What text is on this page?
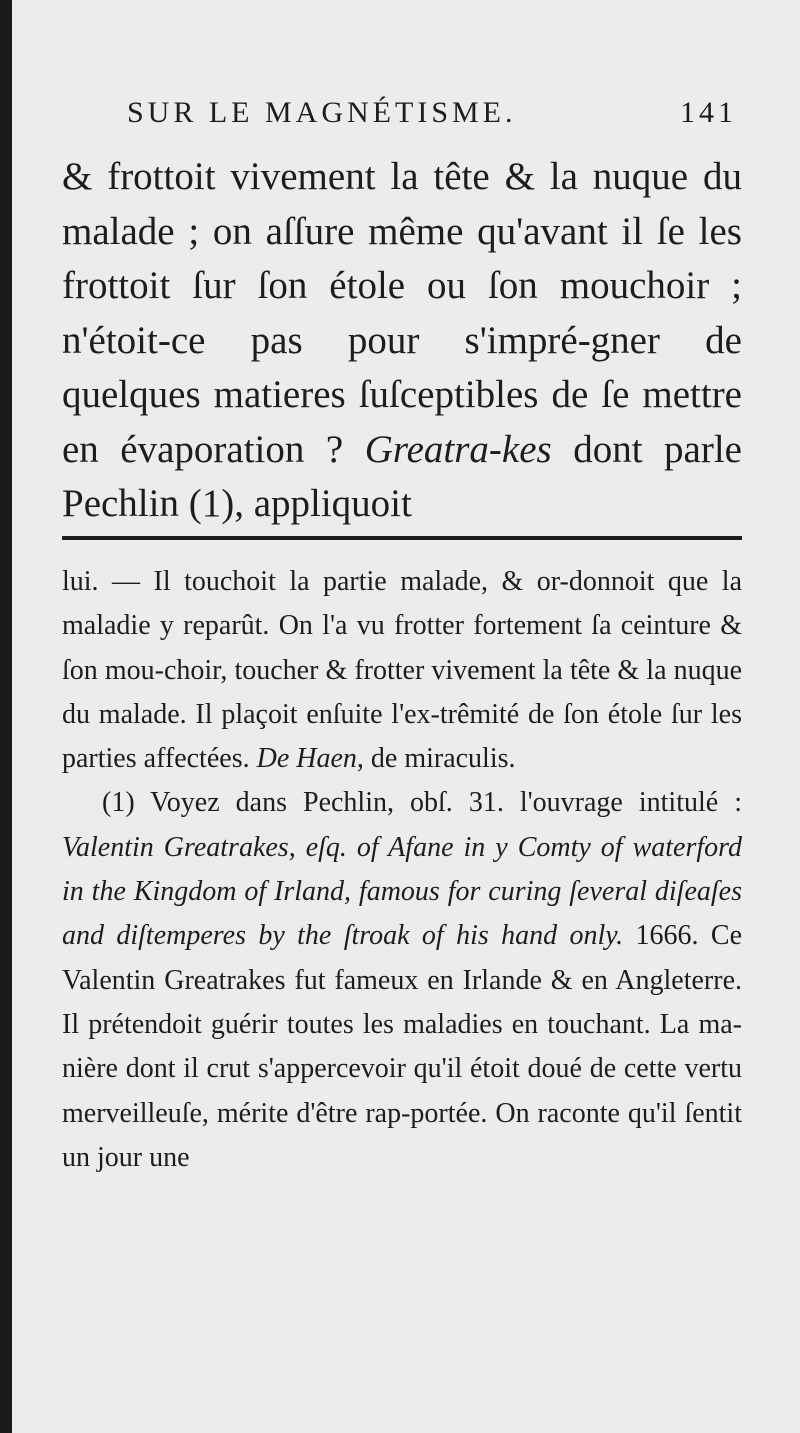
SUR LE MAGNÉTISME.	141

& frottoit vivement la tête & la nuque du malade ; on aſſure même qu'avant il ſe les frottoit ſur ſon étole ou ſon mouchoir ; n'étoit-ce pas pour s'impré-gner de quelques matieres ſuſceptibles de ſe mettre en évaporation ? Greatra-kes dont parle Pechlin (1), appliquoit

lui. — Il touchoit la partie malade, & or-donnoit que la maladie y reparût. On l'a vu frotter fortement ſa ceinture & ſon mou-choir, toucher & frotter vivement la tête & la nuque du malade. Il plaçoit enſuite l'ex-trêmité de ſon étole ſur les parties affectées. De Haen, de miraculis.

(1) Voyez dans Pechlin, obſ. 31. l'ouvrage intitulé : Valentin Greatrakes, eſq. of Afane in y Comty of waterford in the Kingdom of Irland, famous for curing ſeveral diſeaſes and diſtemperes by the ſtroak of his hand only. 1666. Ce Valentin Greatrakes fut fameux en Irlande & en Angleterre. Il prétendoit guérir toutes les maladies en touchant. La ma-nière dont il crut s'appercevoir qu'il étoit doué de cette vertu merveilleuſe, mérite d'être rap-portée. On raconte qu'il ſentit un jour une
